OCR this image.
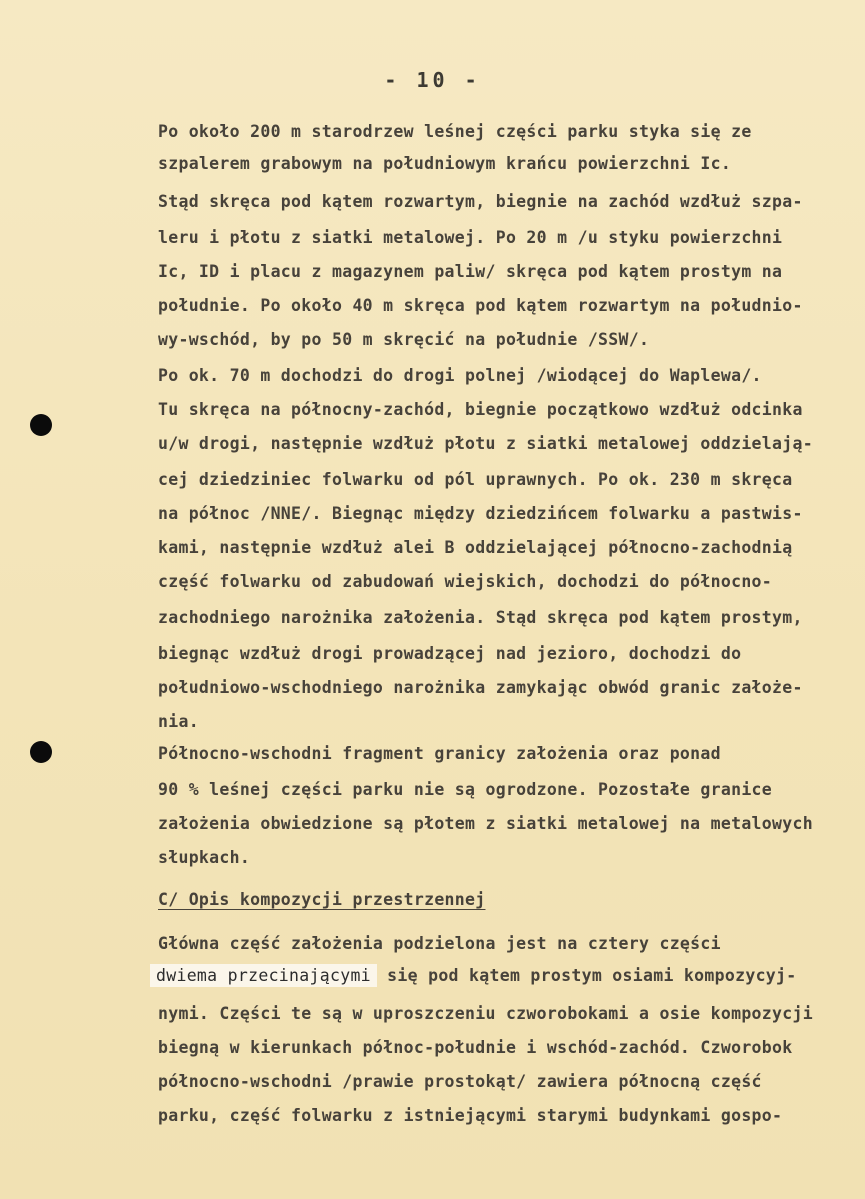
- 10 -
Po około 200 m starodrzew leśnej części parku styka się ze
szpalerem grabowym na południowym krańcu powierzchni Ic.
Stąd skręca pod kątem rozwartym, biegnie na zachód wzdłuż szpa-
leru i płotu z siatki metalowej. Po 20 m /u styku powierzchni
Ic, ID i placu z magazynem paliw/ skręca pod kątem prostym na
południe. Po około 40 m skręca pod kątem rozwartym na południo-
wy-wschód, by po 50 m skręcić na południe /SSW/.
Po ok. 70 m dochodzi do drogi polnej /wiodącej do Waplewa/.
Tu skręca na północny-zachód, biegnie początkowo wzdłuż odcinka
u/w drogi, następnie wzdłuż płotu z siatki metalowej oddzielają-
cej dziedziniec folwarku od pól uprawnych. Po ok. 230 m skręca
na północ /NNE/. Biegnąc między dziedzińcem folwarku a pastwis-
kami, następnie wzdłuż alei B oddzielającej północno-zachodnią
część folwarku od zabudowań wiejskich, dochodzi do północno-
zachodniego narożnika założenia. Stąd skręca pod kątem prostym,
biegnąc wzdłuż drogi prowadzącej nad jezioro, dochodzi do
południowo-wschodniego narożnika zamykając obwód granic założe-
nia.
Północno-wschodni fragment granicy założenia oraz ponad
90 % leśnej części parku nie są ogrodzone. Pozostałe granice
założenia obwiedzione są płotem z siatki metalowej na metalowych
słupkach.
C/ Opis kompozycji przestrzennej
Główna część założenia podzielona jest na cztery części
dwiema przecinającymi się pod kątem prostym osiami kompozycyj-
nymi. Części te są w uproszczeniu czworobokami a osie kompozycji
biegną w kierunkach północ-południe i wschód-zachód. Czworobok
północno-wschodni /prawie prostokąt/ zawiera północną część
parku, część folwarku z istniejącymi starymi budynkami gospo-
